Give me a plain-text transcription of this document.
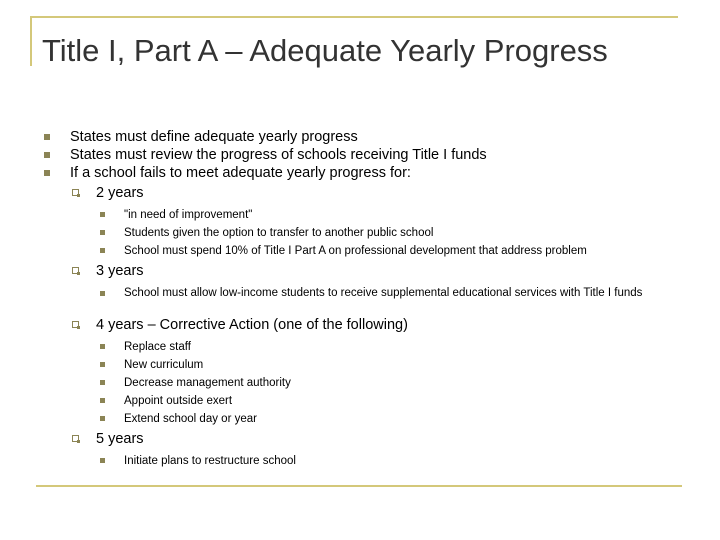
Title I, Part A – Adequate Yearly Progress
States must define adequate yearly progress
States must review the progress of schools receiving Title I funds
If a school fails to meet adequate yearly progress for:
2 years
"in need of improvement"
Students given the option to transfer to another public school
School must spend 10% of Title I Part A on professional development that address problem
3 years
School must allow low-income students to receive supplemental educational services with Title I funds
4 years – Corrective Action (one of the following)
Replace staff
New curriculum
Decrease management authority
Appoint outside exert
Extend school day or year
5 years
Initiate plans to restructure school
